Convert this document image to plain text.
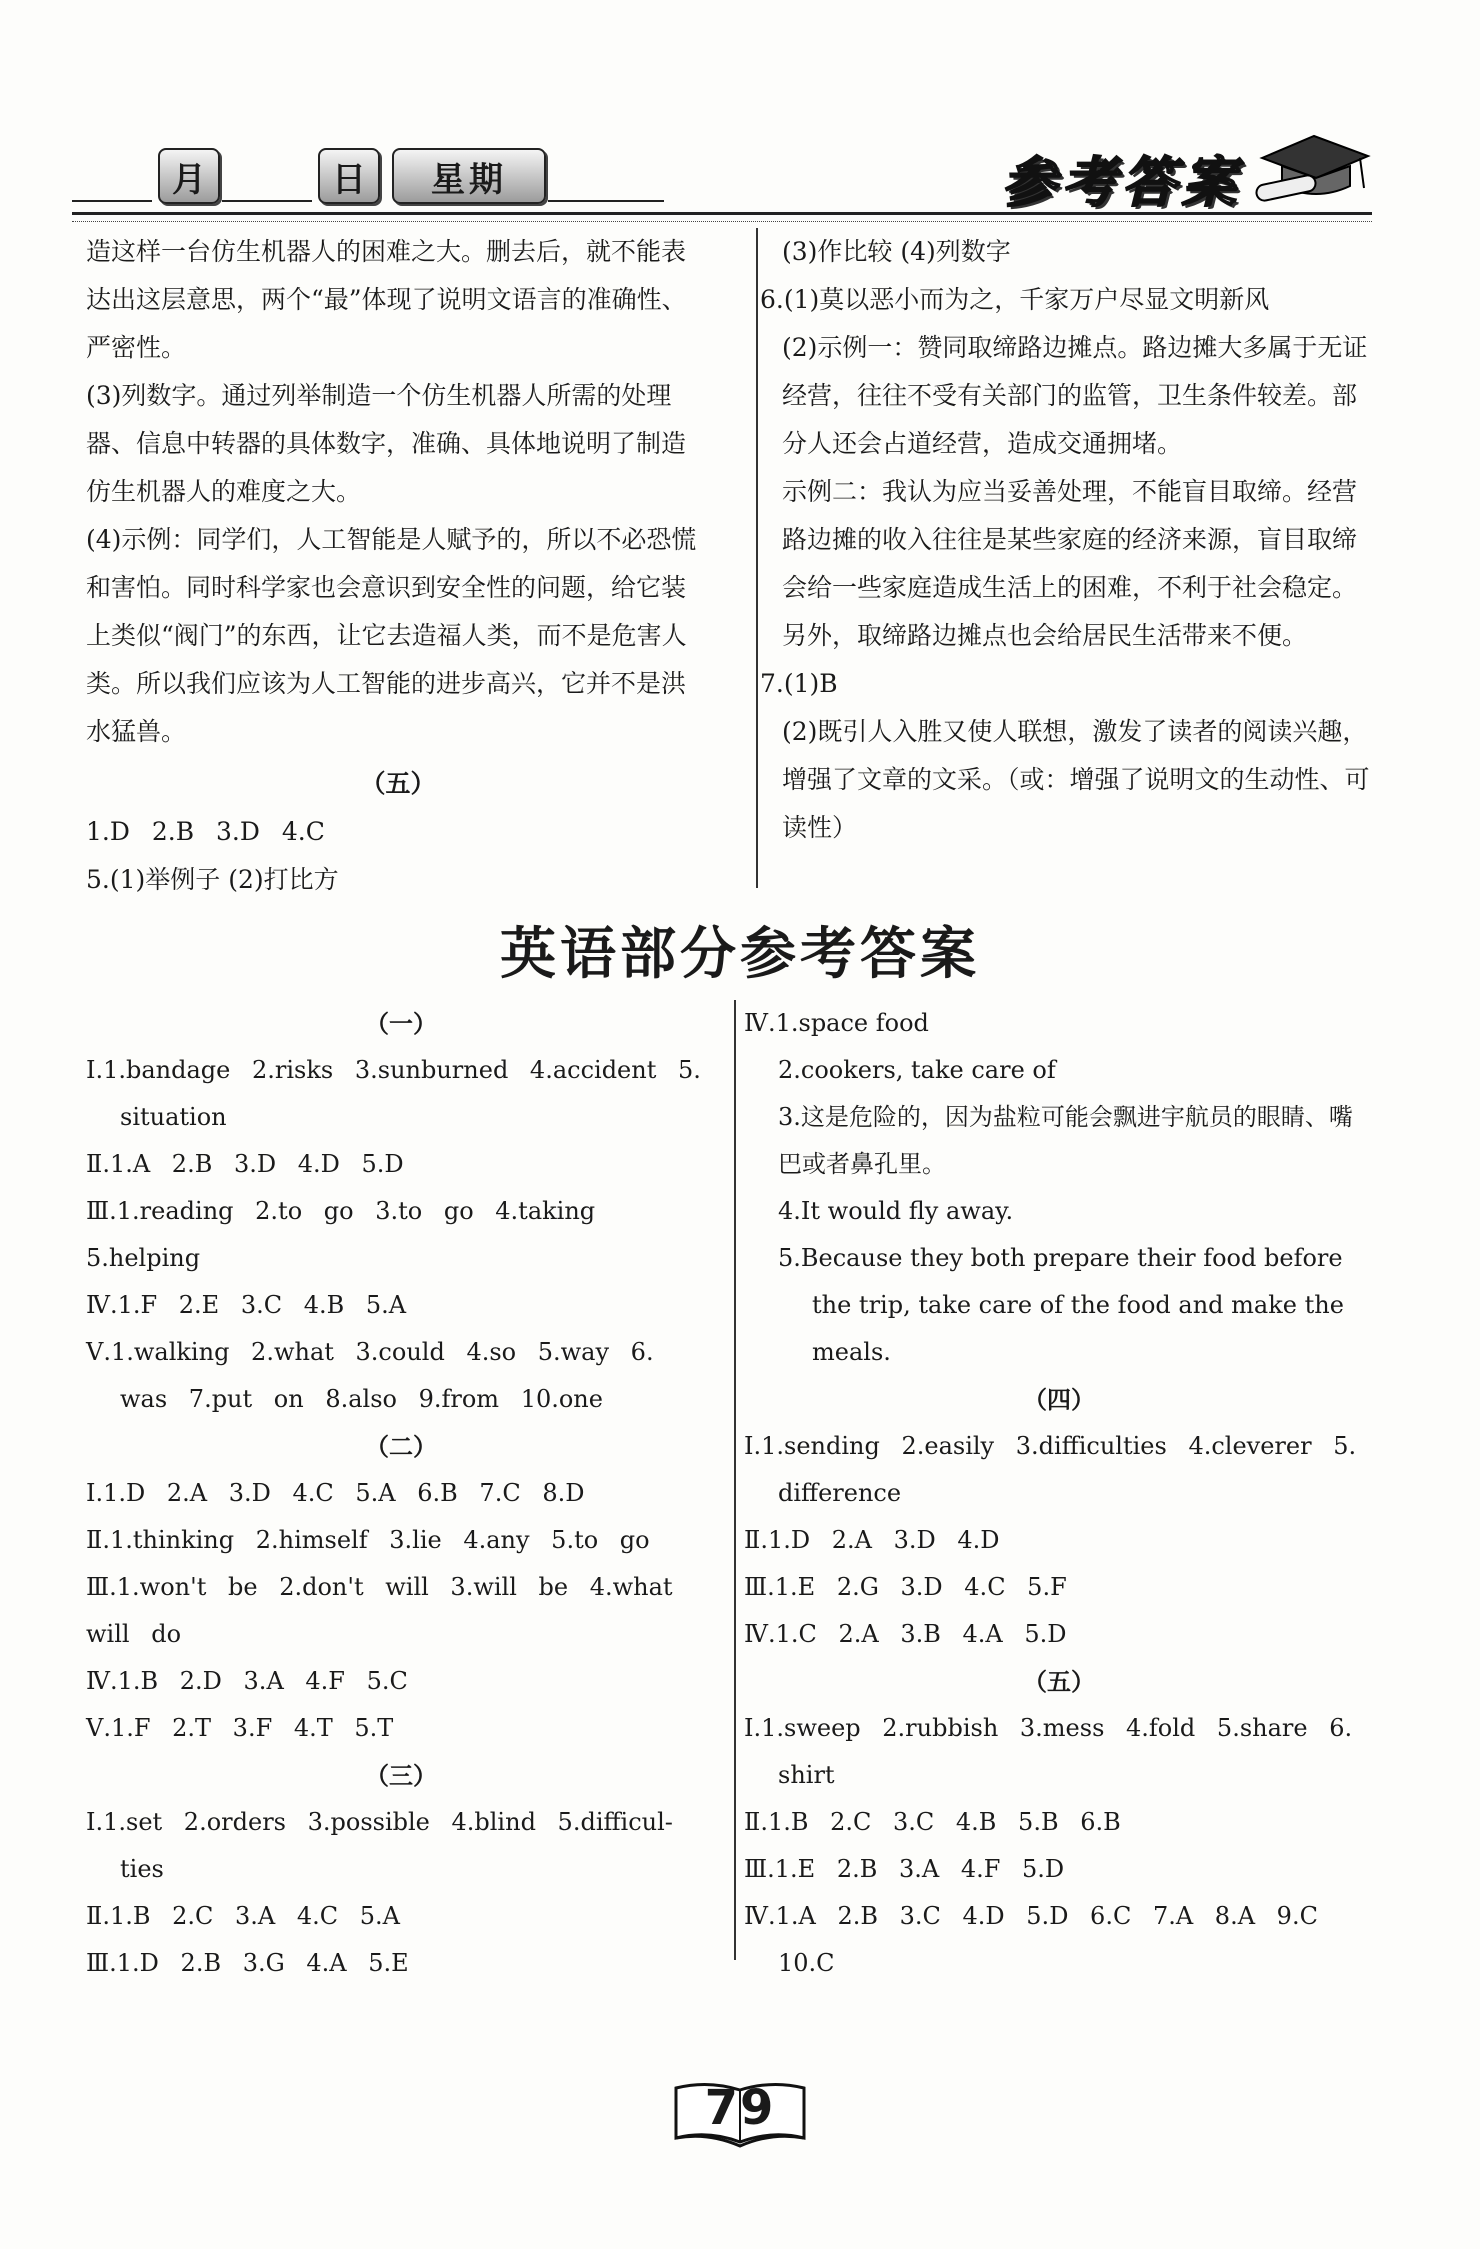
月	日	星期	参考答案

造这样一台仿生机器人的困难之大。删去后，就不能表达出这层意思，两个“最”体现了说明文语言的准确性、严密性。

(3)列数字。通过列举制造一个仿生机器人所需的处理器、信息中转器的具体数字，准确、具体地说明了制造仿生机器人的难度之大。

(4)示例：同学们，人工智能是人赋予的，所以不必恐慌和害怕。同时科学家也会意识到安全性的问题，给它装上类似“阀门”的东西，让它去造福人类，而不是危害人类。所以我们应该为人工智能的进步高兴，它并不是洪水猛兽。

（五）

1.D 2.B 3.D 4.C

5.(1)举例子 (2)打比方

(3)作比较 (4)列数字

6.(1)莫以恶小而为之，千家万户尽显文明新风

(2)示例一：赞同取缔路边摊点。路边摊大多属于无证经营，往往不受有关部门的监管，卫生条件较差。部分人还会占道经营，造成交通拥堵。

示例二：我认为应当妥善处理，不能盲目取缔。经营路边摊的收入往往是某些家庭的经济来源，盲目取缔会给一些家庭造成生活上的困难，不利于社会稳定。另外，取缔路边摊点也会给居民生活带来不便。

7.(1)B

(2)既引人入胜又使人联想，激发了读者的阅读兴趣，增强了文章的文采。（或：增强了说明文的生动性、可读性）

英语部分参考答案

（一）

Ⅰ.1.bandage 2.risks 3.sunburned 4.accident 5. situation

Ⅱ.1.A 2.B 3.D 4.D 5.D

Ⅲ.1.reading 2.to go 3.to go 4.taking 5.helping

Ⅳ.1.F 2.E 3.C 4.B 5.A

Ⅴ.1.walking 2.what 3.could 4.so 5.way 6. was 7.put on 8.also 9.from 10.one

（二）

Ⅰ.1.D 2.A 3.D 4.C 5.A 6.B 7.C 8.D

Ⅱ.1.thinking 2.himself 3.lie 4.any 5.to go

Ⅲ.1.won't be 2.don't will 3.will be 4.what will do

Ⅳ.1.B 2.D 3.A 4.F 5.C

Ⅴ.1.F 2.T 3.F 4.T 5.T

（三）

Ⅰ.1.set 2.orders 3.possible 4.blind 5.difficul-ties

Ⅱ.1.B 2.C 3.A 4.C 5.A

Ⅲ.1.D 2.B 3.G 4.A 5.E

Ⅳ.1.space food

2.cookers, take care of

3.这是危险的，因为盐粒可能会飘进宇航员的眼睛、嘴巴或者鼻孔里。

4.It would fly away.

5.Because they both prepare their food before the trip, take care of the food and make the meals.

（四）

Ⅰ.1.sending 2.easily 3.difficulties 4.cleverer 5. difference

Ⅱ.1.D 2.A 3.D 4.D

Ⅲ.1.E 2.G 3.D 4.C 5.F

Ⅳ.1.C 2.A 3.B 4.A 5.D

（五）

Ⅰ.1.sweep 2.rubbish 3.mess 4.fold 5.share 6. shirt

Ⅱ.1.B 2.C 3.C 4.B 5.B 6.B

Ⅲ.1.E 2.B 3.A 4.F 5.D

Ⅳ.1.A 2.B 3.C 4.D 5.D 6.C 7.A 8.A 9.C 10.C

79
